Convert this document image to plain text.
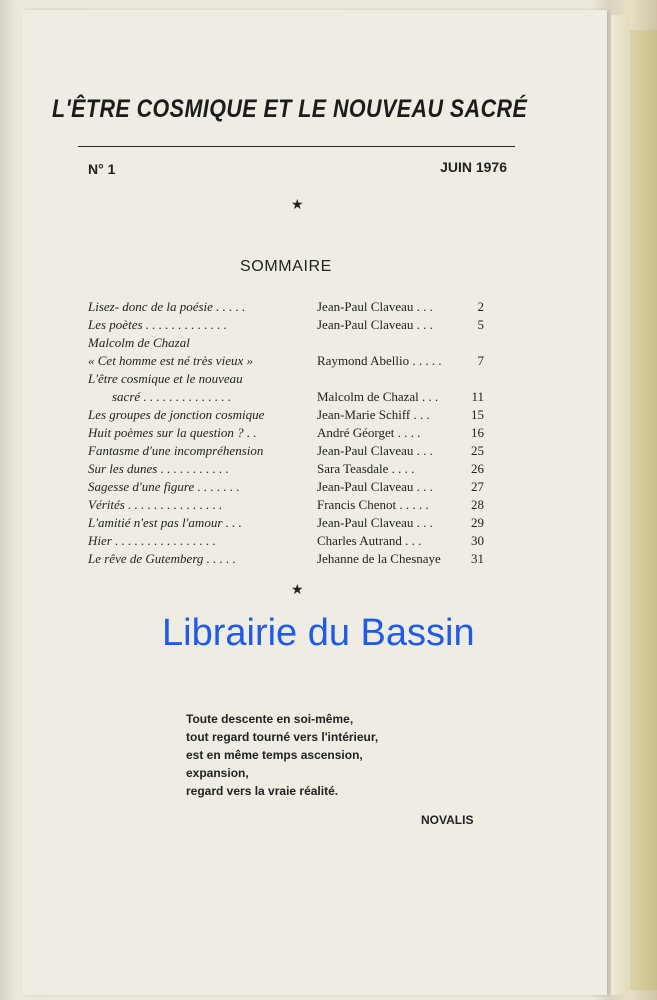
L'ÊTRE COSMIQUE ET LE NOUVEAU SACRÉ
N° 1	JUIN 1976
★
SOMMAIRE
Lisez- donc de la poésie . . . . .	Jean-Paul Claveau . . .	2
Les poètes . . . . . . . . . . . . .	Jean-Paul Claveau . . .	5
Malcolm de Chazal
« Cet homme est né très vieux »	Raymond Abellio . . . . .	7
L'être cosmique et le nouveau
sacré . . . . . . . . . . . . . .	Malcolm de Chazal . . .	11
Les groupes de jonction cosmique	Jean-Marie Schiff . . .	15
Huit poèmes sur la question ? . .	André Géorget . . . .	16
Fantasme d'une incompréhension	Jean-Paul Claveau . . .	25
Sur les dunes . . . . . . . . . . .	Sara Teasdale . . . .	26
Sagesse d'une figure . . . . . . .	Jean-Paul Claveau . . .	27
Vérités . . . . . . . . . . . . . . .	Francis Chenot . . . . .	28
L'amitié n'est pas l'amour . . .	Jean-Paul Claveau . . .	29
Hier . . . . . . . . . . . . . . . .	Charles Autrand . . .	30
Le rêve de Gutemberg . . . . .	Jehanne de la Chesnaye	31
★
Librairie du Bassin
Toute descente en soi-même,
tout regard tourné vers l'intérieur,
est en même temps ascension,
expansion,
regard vers la vraie réalité.
NOVALIS
